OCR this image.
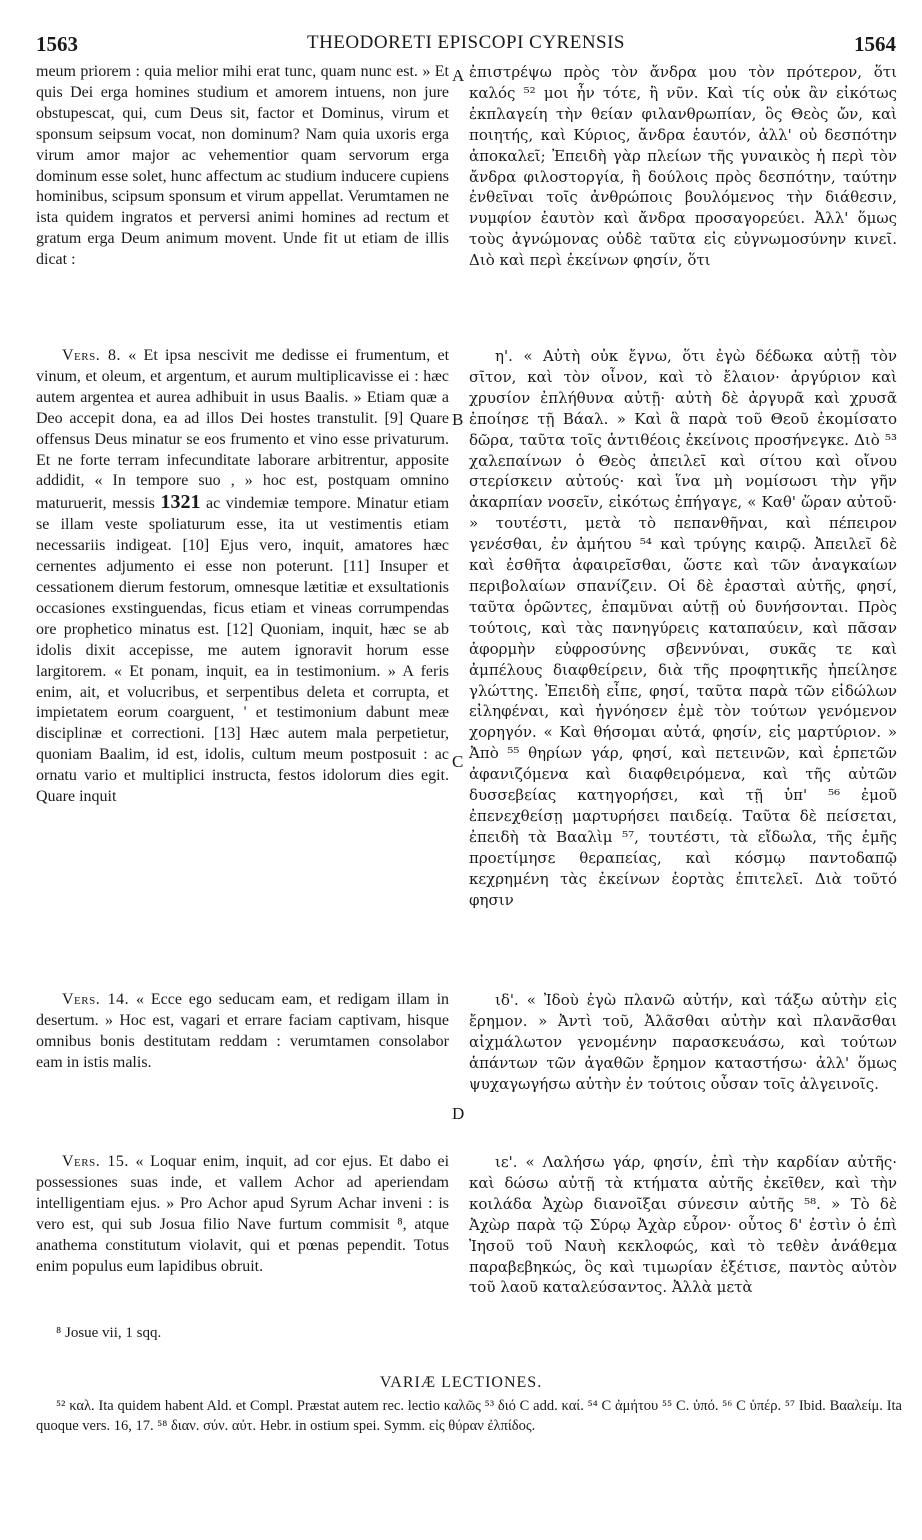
1563	THEODORETI EPISCOPI CYRENSIS	1564

meum priorem : quia melior mihi erat tunc, quam nunc est. » Et quis Dei erga homines studium et amorem intuens, non jure obstupescat, qui, cum Deus sit, factor et Dominus, virum et sponsum seipsum vocat, non dominum? Nam quia uxoris erga virum amor major ac vehementior quam servorum erga dominum esse solet, hunc affectum ac studium inducere cupiens hominibus, scipsum sponsum et virum appellat. Verumtamen ne ista quidem ingratos et perversi animi homines ad rectum et gratum erga Deum animum movent. Unde fit ut etiam de illis dicat :

Vers. 8. « Et ipsa nescivit me dedisse ei frumentum, et vinum, et oleum, et argentum, et aurum multiplicavisse ei : hæc autem argentea et aurea adhibuit in usus Baalis. » Etiam quæ a Deo accepit dona, ea ad illos Dei hostes transtulit. [9] Quare offensus Deus minatur se eos frumento et vino esse privaturum. Et ne forte terram infecunditate laborare arbitrentur, apposite addidit, « In tempore suo , » hoc est, postquam omnino maturuerit, messis 1321 ac vindemiæ tempore. Minatur etiam se illam veste spoliaturum esse, ita ut vestimentis etiam necessariis indigeat. [10] Ejus vero, inquit, amatores hæc cernentes adjumento ei esse non poterunt. [11] Insuper et cessationem dierum festorum, omnesque lætitiæ et exsultationis occasiones exstinguendas, ficus etiam et vineas corrumpendas ore prophetico minatus est. [12] Quoniam, inquit, hæc se ab idolis dixit accepisse, me autem ignoravit horum esse largitorem. « Et ponam, inquit, ea in testimonium. » A feris enim, ait, et volucribus, et serpentibus deleta et corrupta, et impietatem eorum coarguent, ' et testimonium dabunt meæ disciplinæ et correctioni. [13] Hæc autem mala perpetietur, quoniam Baalim, id est, idolis, cultum meum postposuit : ac ornatu vario et multiplici instructa, festos idolorum dies egit. Quare inquit

Vers. 14. « Ecce ego seducam eam, et redigam illam in desertum. » Hoc est, vagari et errare faciam captivam, hisque omnibus bonis destitutam reddam : verumtamen consolabor eam in istis malis.

Vers. 15. « Loquar enim, inquit, ad cor ejus. Et dabo ei possessiones suas inde, et vallem Achor ad aperiendam intelligentiam ejus. » Pro Achor apud Syrum Achar inveni : is vero est, qui sub Josua filio Nave furtum commisit ⁸, atque anathema constitutum violavit, qui et pœnas pependit. Totus enim populus eum lapidibus obruit.

A
B
C
D

ἐπιστρέψω πρὸς τὸν ἄνδρα μου τὸν πρότερον, ὅτι καλός ⁵² μοι ἦν τότε, ἢ νῦν. Καὶ τίς οὐκ ἂν εἰκότως ἐκπλαγείη τὴν θείαν φιλανθρωπίαν, ὃς Θεὸς ὤν, καὶ ποιητής, καὶ Κύριος, ἄνδρα ἑαυτόν, ἀλλ' οὐ δεσπότην ἀποκαλεῖ; Ἐπειδὴ γὰρ πλείων τῆς γυναικὸς ἡ περὶ τὸν ἄνδρα φιλοστοργία, ἢ δούλοις πρὸς δεσπότην, ταύτην ἐνθεῖναι τοῖς ἀνθρώποις βουλόμενος τὴν διάθεσιν, νυμφίον ἑαυτὸν καὶ ἄνδρα προσαγορεύει. Ἀλλ' ὅμως τοὺς ἀγνώμονας οὐδὲ ταῦτα εἰς εὐγνωμοσύνην κινεῖ. Διὸ καὶ περὶ ἐκείνων φησίν, ὅτι

η'. « Αὐτὴ οὐκ ἔγνω, ὅτι ἐγὼ δέδωκα αὐτῇ τὸν σῖτον, καὶ τὸν οἶνον, καὶ τὸ ἔλαιον· ἀργύριον καὶ χρυσίον ἐπλήθυνα αὐτῇ· αὐτὴ δὲ ἀργυρᾶ καὶ χρυσᾶ ἐποίησε τῇ Βάαλ. » Καὶ ἃ παρὰ τοῦ Θεοῦ ἐκομίσατο δῶρα, ταῦτα τοῖς ἀντιθέοις ἐκείνοις προσήνεγκε. Διὸ ⁵³ χαλεπαίνων ὁ Θεὸς ἀπειλεῖ καὶ σίτου καὶ οἴνου στερίσκειν αὐτούς· καὶ ἵνα μὴ νομίσωσι τὴν γῆν ἀκαρπίαν νοσεῖν, εἰκότως ἐπήγαγε, « Καθ' ὥραν αὐτοῦ· » τουτέστι, μετὰ τὸ πεπανθῆναι, καὶ πέπειρον γενέσθαι, ἐν ἀμήτου ⁵⁴ καὶ τρύγης καιρῷ. Ἀπειλεῖ δὲ καὶ ἐσθῆτα ἀφαιρεῖσθαι, ὥστε καὶ τῶν ἀναγκαίων περιβολαίων σπανίζειν. Οἱ δὲ ἐρασταὶ αὐτῆς, φησί, ταῦτα ὁρῶντες, ἐπαμῦναι αὐτῇ οὐ δυνήσονται. Πρὸς τούτοις, καὶ τὰς πανηγύρεις καταπαύειν, καὶ πᾶσαν ἀφορμὴν εὐφροσύνης σβεννύναι, συκᾶς τε καὶ ἀμπέλους διαφθείρειν, διὰ τῆς προφητικῆς ἠπείλησε γλώττης. Ἐπειδὴ εἶπε, φησί, ταῦτα παρὰ τῶν εἰδώλων εἰληφέναι, καὶ ἠγνόησεν ἐμὲ τὸν τούτων γενόμενον χορηγόν. « Καὶ θήσομαι αὐτά, φησίν, εἰς μαρτύριον. » Ἀπὸ ⁵⁵ θηρίων γάρ, φησί, καὶ πετεινῶν, καὶ ἑρπετῶν ἀφανιζόμενα καὶ διαφθειρόμενα, καὶ τῆς αὐτῶν δυσσεβείας κατηγορήσει, καὶ τῇ ὑπ' ⁵⁶ ἐμοῦ ἐπενεχθείσῃ μαρτυρήσει παιδείᾳ. Ταῦτα δὲ πείσεται, ἐπειδὴ τὰ Βααλὶμ ⁵⁷, τουτέστι, τὰ εἴδωλα, τῆς ἐμῆς προετίμησε θεραπείας, καὶ κόσμῳ παντοδαπῷ κεχρημένη τὰς ἐκείνων ἑορτὰς ἐπιτελεῖ. Διὰ τοῦτό φησιν

ιδ'. « Ἰδοὺ ἐγὼ πλανῶ αὐτήν, καὶ τάξω αὐτὴν εἰς ἔρημον. » Ἀντὶ τοῦ, Ἀλᾶσθαι αὐτὴν καὶ πλανᾶσθαι αἰχμάλωτον γενομένην παρασκευάσω, καὶ τούτων ἁπάντων τῶν ἀγαθῶν ἔρημον καταστήσω· ἀλλ' ὅμως ψυχαγωγήσω αὐτὴν ἐν τούτοις οὖσαν τοῖς ἀλγεινοῖς.

ιε'. « Λαλήσω γάρ, φησίν, ἐπὶ τὴν καρδίαν αὐτῆς· καὶ δώσω αὐτῇ τὰ κτήματα αὐτῆς ἐκεῖθεν, καὶ τὴν κοιλάδα Ἀχὼρ διανοῖξαι σύνεσιν αὐτῆς ⁵⁸. » Τὸ δὲ Ἀχὼρ παρὰ τῷ Σύρῳ Ἀχὰρ εὗρον· οὗτος δ' ἐστὶν ὁ ἐπὶ Ἰησοῦ τοῦ Ναυὴ κεκλοφώς, καὶ τὸ τεθὲν ἀνάθεμα παραβεβηκώς, ὃς καὶ τιμωρίαν ἐξέτισε, παντὸς αὐτὸν τοῦ λαοῦ καταλεύσαντος. Ἀλλὰ μετὰ

⁸ Josue vii, 1 sqq.
VARIÆ LECTIONES.

⁵² καλ. Ita quidem habent Ald. et Compl. Præstat autem rec. lectio καλῶς ⁵³ διό C add. καί. ⁵⁴ C ἀμήτου ⁵⁵ C. ὑπό. ⁵⁶ C ὑπέρ. ⁵⁷ Ibid. Βααλείμ. Ita quoque vers. 16, 17. ⁵⁸ διαν. σύν. αὐτ. Hebr. in ostium spei. Symm. εἰς θύραν ἐλπίδος.
